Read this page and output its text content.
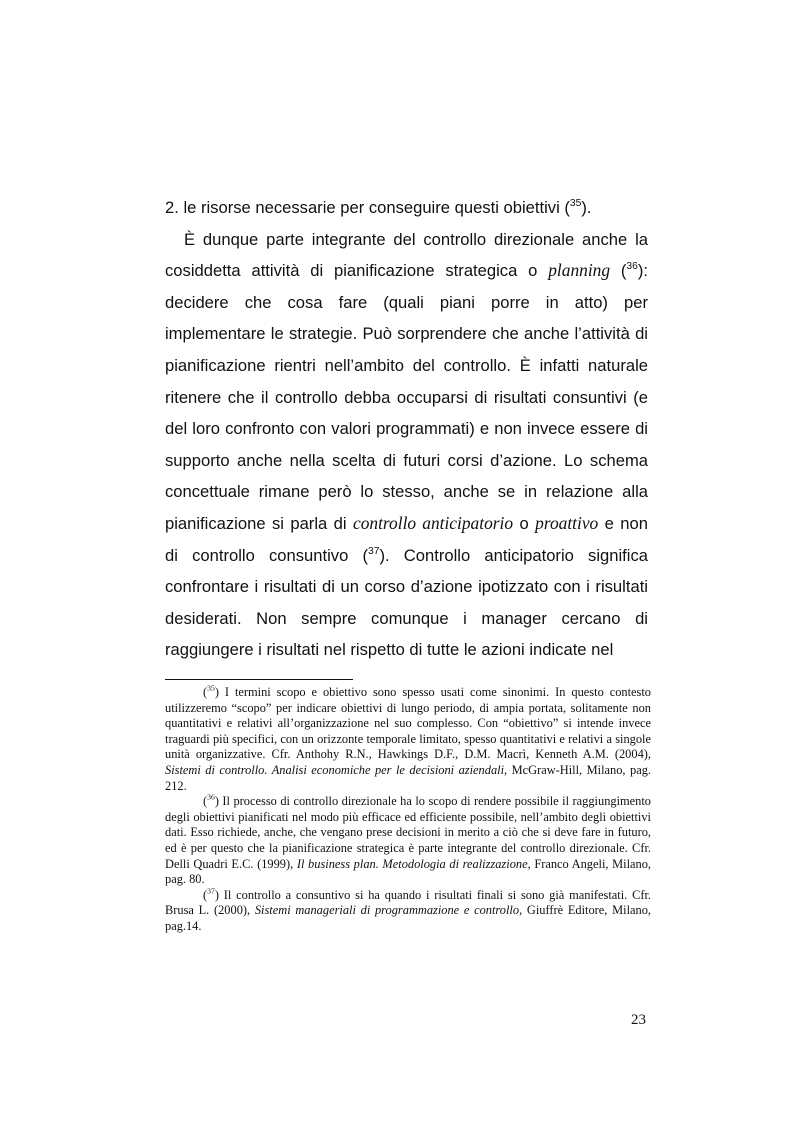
2. le risorse necessarie per conseguire questi obiettivi ($^{35}$).

È dunque parte integrante del controllo direzionale anche la cosiddetta attività di pianificazione strategica o planning ($^{36}$): decidere che cosa fare (quali piani porre in atto) per implementare le strategie. Può sorprendere che anche l’attività di pianificazione rientri nell’ambito del controllo. È infatti naturale ritenere che il controllo debba occuparsi di risultati consuntivi (e del loro confronto con valori programmati) e non invece essere di supporto anche nella scelta di futuri corsi d’azione. Lo schema concettuale rimane però lo stesso, anche se in relazione alla pianificazione si parla di controllo anticipatorio o proattivo e non di controllo consuntivo ($^{37}$). Controllo anticipatorio significa confrontare i risultati di un corso d’azione ipotizzato con i risultati desiderati. Non sempre comunque i manager cercano di raggiungere i risultati nel rispetto di tutte le azioni indicate nel

($^{35}$) I termini scopo e obiettivo sono spesso usati come sinonimi. In questo contesto utilizzeremo “scopo” per indicare obiettivi di lungo periodo, di ampia portata, solitamente non quantitativi e relativi all’organizzazione nel suo complesso. Con “obiettivo” si intende invece traguardi più specifici, con un orizzonte temporale limitato, spesso quantitativi e relativi a singole unità organizzative. Cfr. Anthohy R.N., Hawkings D.F., D.M. Macrì, Kenneth A.M. (2004), Sistemi di controllo. Analisi economiche per le decisioni aziendali, McGraw-Hill, Milano, pag. 212.

($^{36}$) Il processo di controllo direzionale ha lo scopo di rendere possibile il raggiungimento degli obiettivi pianificati nel modo più efficace ed efficiente possibile, nell’ambito degli obiettivi dati. Esso richiede, anche, che vengano prese decisioni in merito a ciò che si deve fare in futuro, ed è per questo che la pianificazione strategica è parte integrante del controllo direzionale. Cfr. Delli Quadri E.C. (1999), Il business plan. Metodologia di realizzazione, Franco Angeli, Milano, pag. 80.

($^{37}$) Il controllo a consuntivo si ha quando i risultati finali si sono già manifestati. Cfr. Brusa L. (2000), Sistemi manageriali di programmazione e controllo, Giuffrè Editore, Milano, pag.14.

23
